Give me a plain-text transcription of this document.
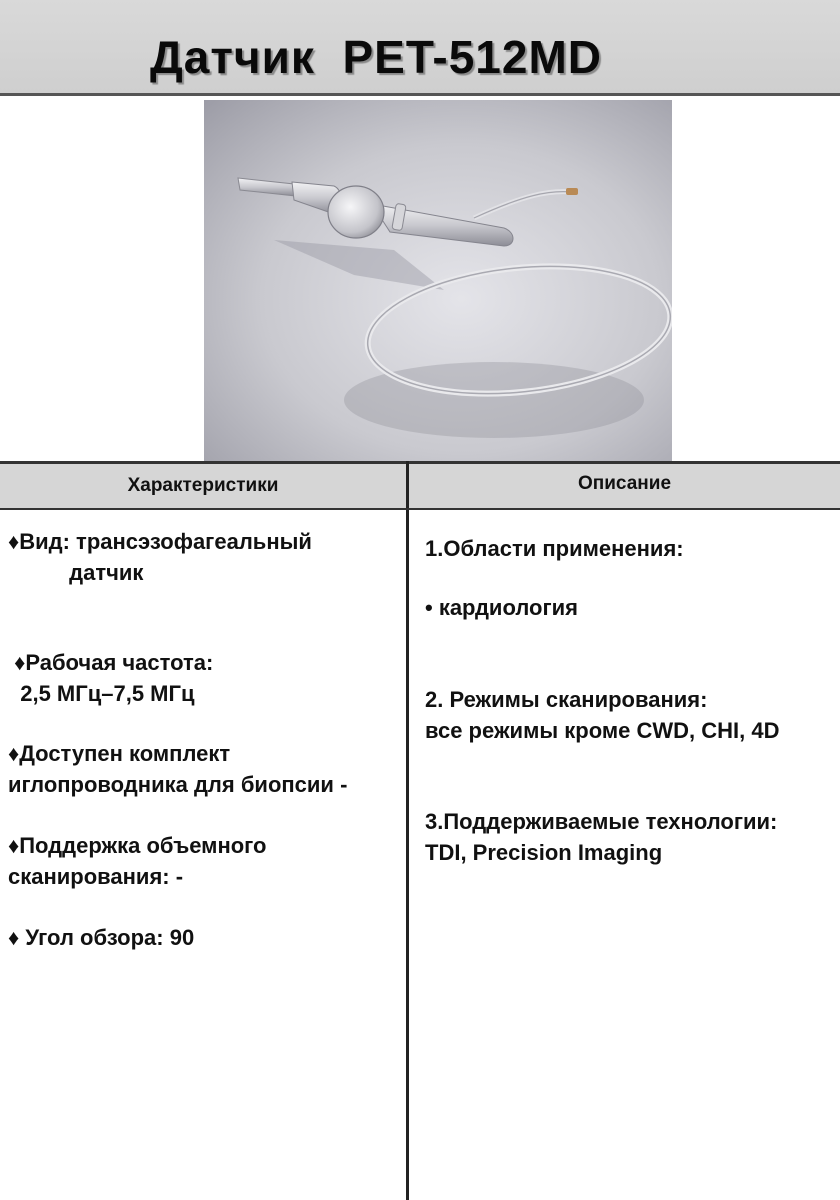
Датчик  PET-512MD
Характеристики	Описание
♦Вид: трансэзофагеальный
датчик
♦Рабочая частота:
2,5 МГц–7,5 МГц
♦Доступен комплект
иглопроводника для биопсии -
♦Поддержка объемного
сканирования: -
♦ Угол обзора: 90
1.Области применения:
• кардиология
2. Режимы сканирования:
все режимы кроме CWD, CHI, 4D
3.Поддерживаемые технологии:
TDI, Precision Imaging
